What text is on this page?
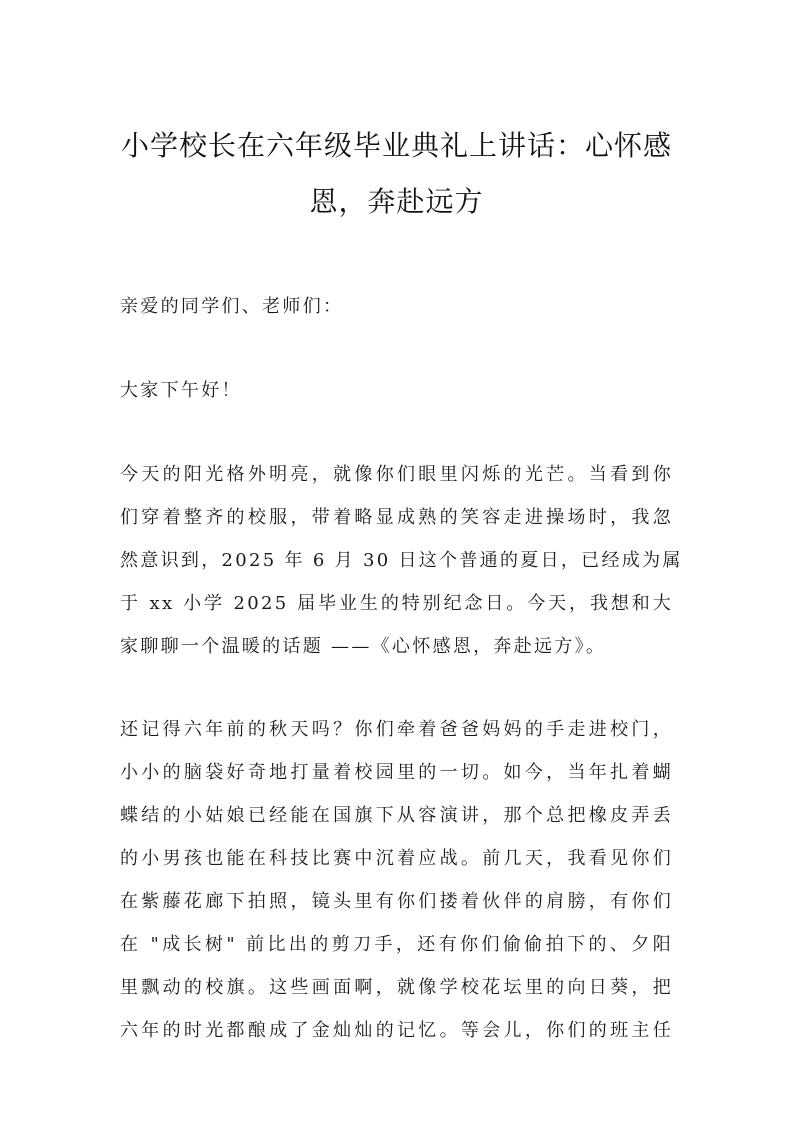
小学校长在六年级毕业典礼上讲话：心怀感
恩，奔赴远方
亲爱的同学们、老师们：
大家下午好！
今天的阳光格外明亮，就像你们眼里闪烁的光芒。当看到你
们穿着整齐的校服，带着略显成熟的笑容走进操场时，我忽
然意识到，2025 年 6 月 30 日这个普通的夏日，已经成为属
于 xx 小学 2025 届毕业生的特别纪念日。今天，我想和大
家聊聊一个温暖的话题 ——《心怀感恩，奔赴远方》。
还记得六年前的秋天吗？你们牵着爸爸妈妈的手走进校门，
小小的脑袋好奇地打量着校园里的一切。如今，当年扎着蝴
蝶结的小姑娘已经能在国旗下从容演讲，那个总把橡皮弄丢
的小男孩也能在科技比赛中沉着应战。前几天，我看见你们
在紫藤花廊下拍照，镜头里有你们搂着伙伴的肩膀，有你们
在 "成长树" 前比出的剪刀手，还有你们偷偷拍下的、夕阳
里飘动的校旗。这些画面啊，就像学校花坛里的向日葵，把
六年的时光都酿成了金灿灿的记忆。等会儿，你们的班主任
